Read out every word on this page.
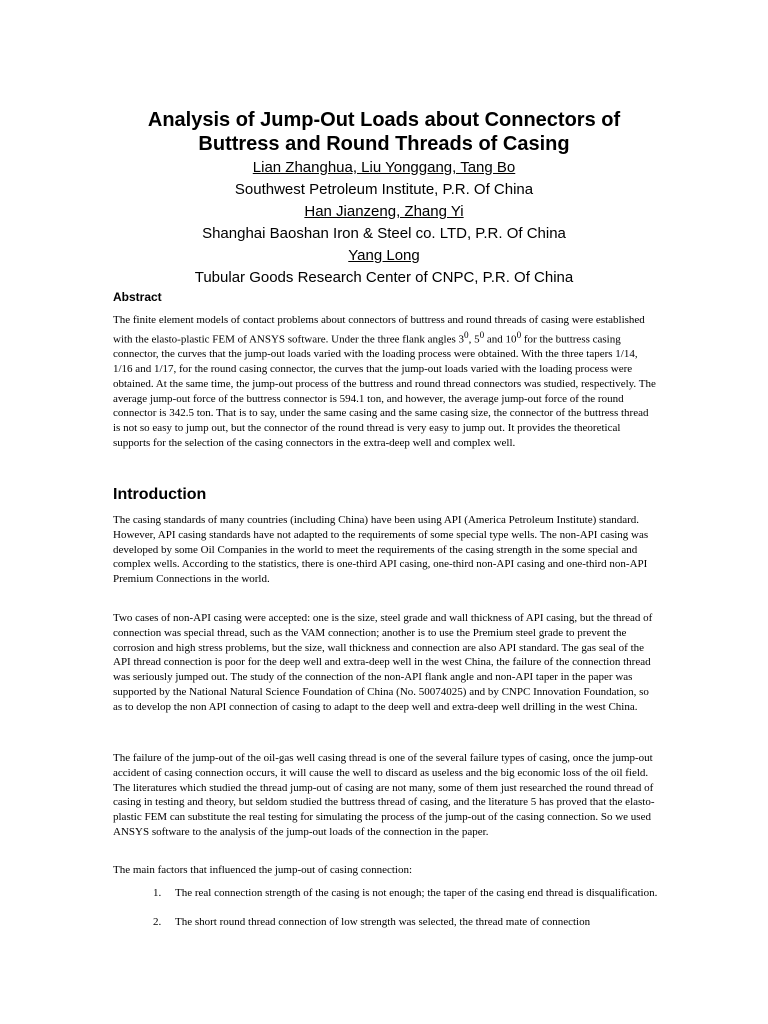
Analysis of Jump-Out Loads about Connectors of
Buttress and Round Threads of Casing

Lian Zhanghua, Liu Yonggang, Tang Bo

Southwest Petroleum Institute, P.R. Of China

Han Jianzeng, Zhang Yi

Shanghai Baoshan Iron & Steel co. LTD, P.R. Of China

Yang Long

Tubular Goods Research Center of CNPC, P.R. Of China

Abstract

The finite element models of contact problems about connectors of buttress and round threads of casing were established with the elasto-plastic FEM of ANSYS software. Under the three flank angles $3^0$, $5^0$ and $10^0$ for the buttress casing connector, the curves that the jump-out loads varied with the loading process were obtained. With the three tapers 1/14, 1/16 and 1/17, for the round casing connector, the curves that the jump-out loads varied with the loading process were obtained. At the same time, the jump-out process of the buttress and round thread connectors was studied, respectively. The average jump-out force of the buttress connector is 594.1 ton, and however, the average jump-out force of the round connector is 342.5 ton. That is to say, under the same casing and the same casing size, the connector of the buttress thread is not so easy to jump out, but the connector of the round thread is very easy to jump out. It provides the theoretical supports for the selection of the casing connectors in the extra-deep well and complex well.

Introduction

The casing standards of many countries (including China) have been using API (America Petroleum Institute) standard. However, API casing standards have not adapted to the requirements of some special type wells. The non-API casing was developed by some Oil Companies in the world to meet the requirements of the casing strength in the some special and complex wells. According to the statistics, there is one-third API casing, one-third non-API casing and one-third non-API Premium Connections in the world.

Two cases of non-API casing were accepted: one is the size, steel grade and wall thickness of API casing, but the thread of connection was special thread, such as the VAM connection; another is to use the Premium steel grade to prevent the corrosion and high stress problems, but the size, wall thickness and connection are also API standard. The gas seal of the API thread connection is poor for the deep well and extra-deep well in the west China, the failure of the connection thread was seriously jumped out. The study of the connection of the non-API flank angle and non-API taper in the paper was supported by the National Natural Science Foundation of China (No. 50074025) and by CNPC Innovation Foundation, so as to develop the non API connection of casing to adapt to the deep well and extra-deep well drilling in the west China.

The failure of the jump-out of the oil-gas well casing thread is one of the several failure types of casing, once the jump-out accident of casing connection occurs, it will cause the well to discard as useless and the big economic loss of the oil field. The literatures which studied the thread jump-out of casing are not many, some of them just researched the round thread of casing in testing and theory, but seldom studied the buttress thread of casing, and the literature 5 has proved that the elasto-plastic FEM can substitute the real testing for simulating the process of the jump-out of the casing connection. So we used ANSYS software to the analysis of the jump-out loads of the connection in the paper.

The main factors that influenced the jump-out of casing connection:

1. The real connection strength of the casing is not enough; the taper of the casing end thread is disqualification.
2. The short round thread connection of low strength was selected, the thread mate of connection
